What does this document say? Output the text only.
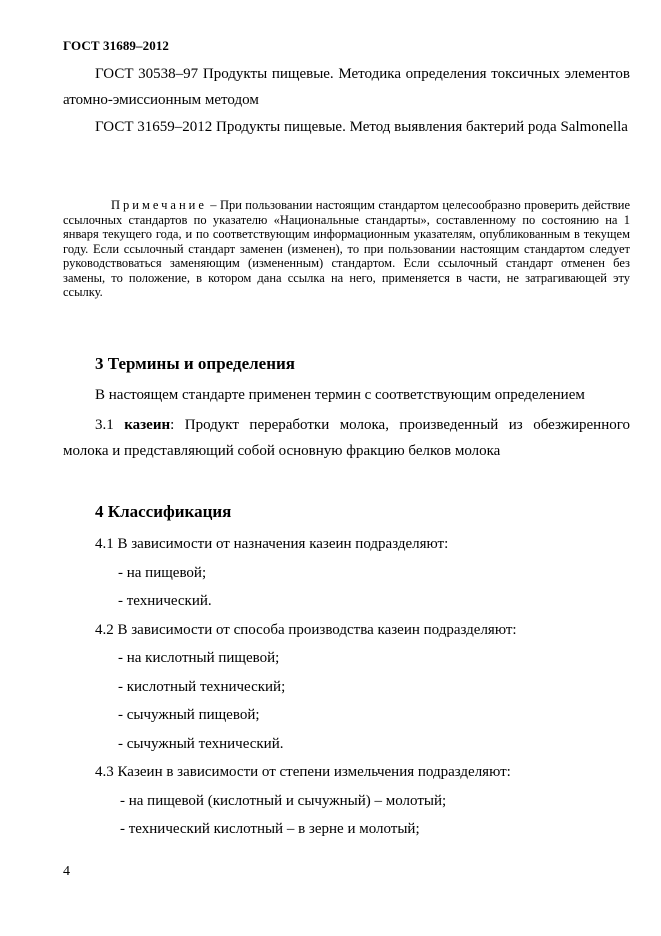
ГОСТ 31689–2012
ГОСТ 30538–97 Продукты пищевые. Методика определения токсичных элементов атомно-эмиссионным методом
ГОСТ 31659–2012 Продукты пищевые. Метод выявления бактерий рода Salmonella
Примечание – При пользовании настоящим стандартом целесообразно проверить действие ссылочных стандартов по указателю «Национальные стандарты», составленному по состоянию на 1 января текущего года, и по соответствующим информационным указателям, опубликованным в текущем году. Если ссылочный стандарт заменен (изменен), то при пользовании настоящим стандартом следует руководствоваться заменяющим (измененным) стандартом. Если ссылочный стандарт отменен без замены, то положение, в котором дана ссылка на него, применяется в части, не затрагивающей эту ссылку.
3 Термины и определения
В настоящем стандарте применен термин с соответствующим определением
3.1 казеин: Продукт переработки молока, произведенный из обезжиренного молока и представляющий собой основную фракцию белков молока
4 Классификация
4.1 В зависимости от назначения казеин подразделяют:
- на пищевой;
- технический.
4.2 В зависимости от способа производства казеин подразделяют:
- на кислотный пищевой;
- кислотный технический;
- сычужный пищевой;
- сычужный технический.
4.3 Казеин в зависимости от степени измельчения подразделяют:
- на пищевой (кислотный и сычужный) – молотый;
- технический кислотный – в зерне и молотый;
4
